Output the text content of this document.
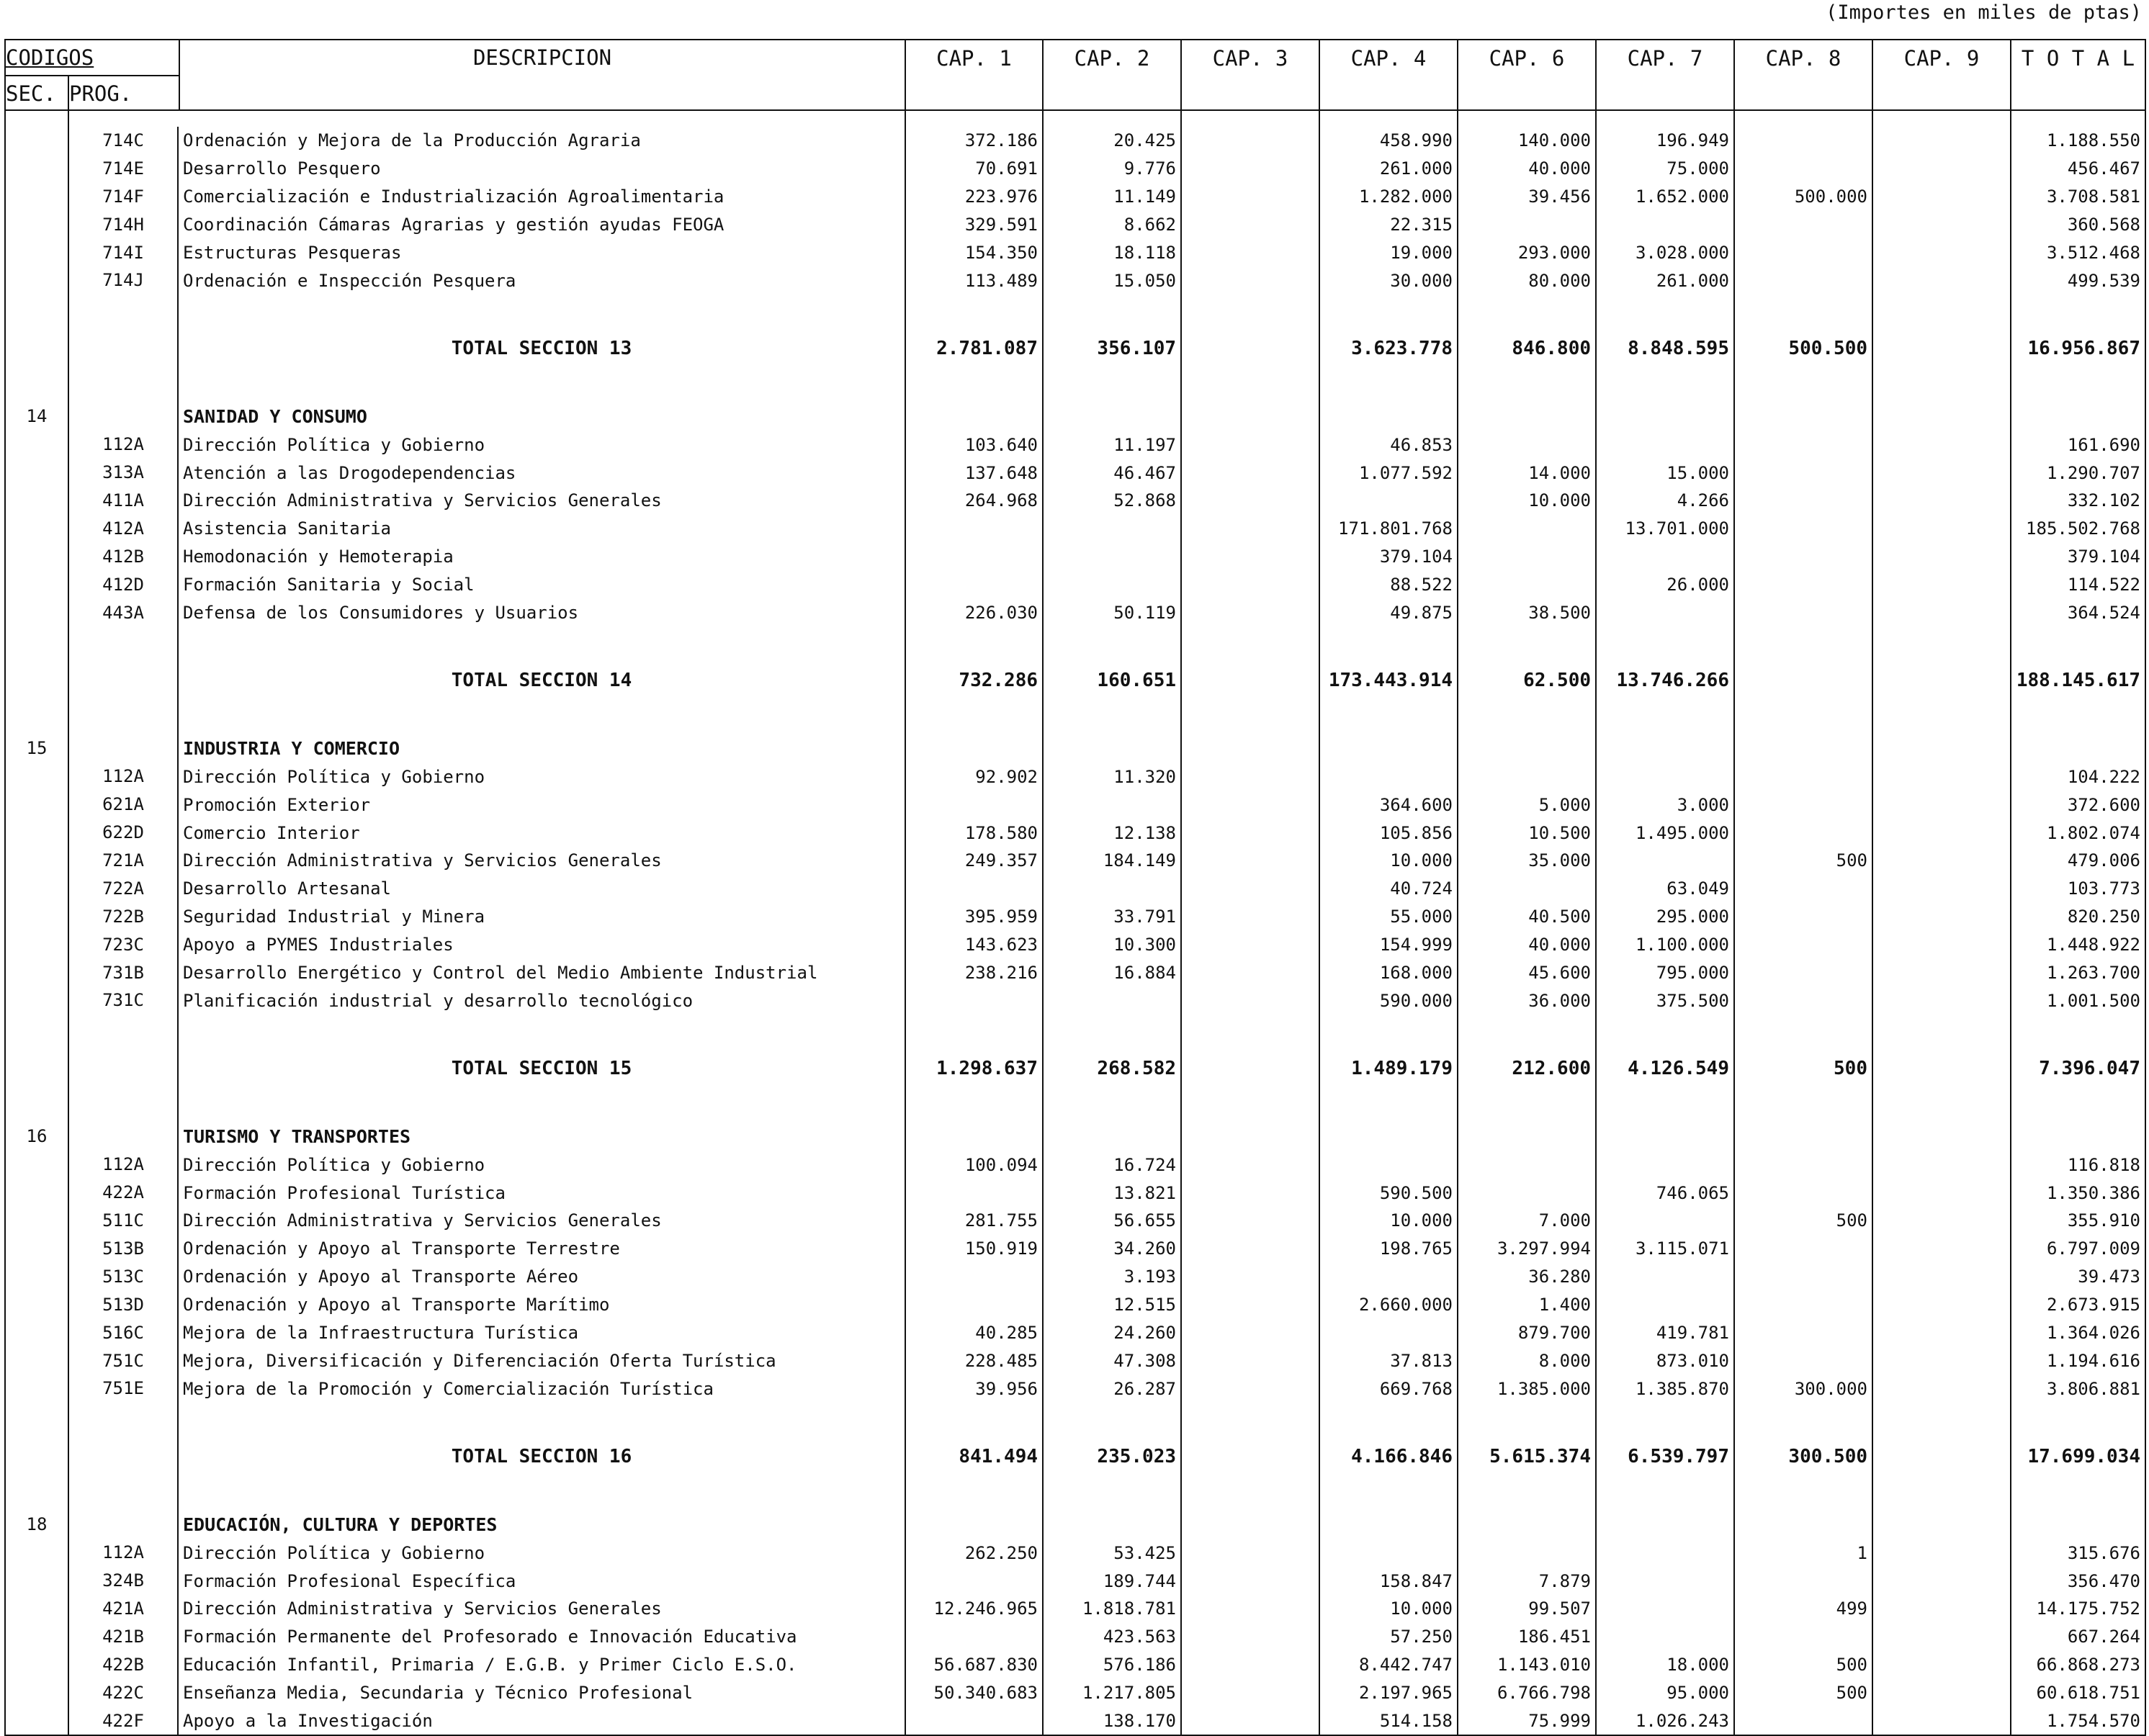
(Importes en miles de ptas)
CODIGOS
SEC. PROG.
DESCRIPCION		CAP. 1	CAP. 2	CAP. 3	CAP. 4	CAP. 6	CAP. 7	CAP. 8	CAP. 9	T O T A L

714C	Ordenación y Mejora de la Producción Agraria	372.186	20.425		458.990	140.000	196.949			1.188.550

714E	Desarrollo Pesquero	70.691	9.776		261.000	40.000	75.000			456.467

714F	Comercialización e Industrialización Agroalimentaria	223.976	11.149		1.282.000	39.456	1.652.000	500.000		3.708.581

714H	Coordinación Cámaras Agrarias y gestión ayudas FEOGA	329.591	8.662		22.315					360.568

714I	Estructuras Pesqueras	154.350	18.118		19.000	293.000	3.028.000			3.512.468

714J	Ordenación e Inspección Pesquera	113.489	15.050		30.000	80.000	261.000			499.539

	TOTAL SECCION 13	2.781.087	356.107		3.623.778	846.800	8.848.595	500.500		16.956.867

14	SANIDAD Y CONSUMO									

112A	Dirección Política y Gobierno	103.640	11.197		46.853					161.690

313A	Atención a las Drogodependencias	137.648	46.467		1.077.592	14.000	15.000			1.290.707

411A	Dirección Administrativa y Servicios Generales	264.968	52.868			10.000	4.266			332.102

412A	Asistencia Sanitaria				171.801.768		13.701.000			185.502.768

412B	Hemodonación y Hemoterapia				379.104					379.104

412D	Formación Sanitaria y Social				88.522		26.000			114.522

443A	Defensa de los Consumidores y Usuarios	226.030	50.119		49.875	38.500				364.524

	TOTAL SECCION 14	732.286	160.651		173.443.914	62.500	13.746.266			188.145.617

15	INDUSTRIA Y COMERCIO									

112A	Dirección Política y Gobierno	92.902	11.320							104.222

621A	Promoción Exterior				364.600	5.000	3.000			372.600

622D	Comercio Interior	178.580	12.138		105.856	10.500	1.495.000			1.802.074

721A	Dirección Administrativa y Servicios Generales	249.357	184.149		10.000	35.000		500		479.006

722A	Desarrollo Artesanal				40.724		63.049			103.773

722B	Seguridad Industrial y Minera	395.959	33.791		55.000	40.500	295.000			820.250

723C	Apoyo a PYMES Industriales	143.623	10.300		154.999	40.000	1.100.000			1.448.922

731B	Desarrollo Energético y Control del Medio Ambiente Industrial	238.216	16.884		168.000	45.600	795.000			1.263.700

731C	Planificación industrial y desarrollo tecnológico				590.000	36.000	375.500			1.001.500

	TOTAL SECCION 15	1.298.637	268.582		1.489.179	212.600	4.126.549	500		7.396.047

16	TURISMO Y TRANSPORTES									

112A	Dirección Política y Gobierno	100.094	16.724							116.818

422A	Formación Profesional Turística		13.821		590.500		746.065			1.350.386

511C	Dirección Administrativa y Servicios Generales	281.755	56.655		10.000	7.000		500		355.910

513B	Ordenación y Apoyo al Transporte Terrestre	150.919	34.260		198.765	3.297.994	3.115.071			6.797.009

513C	Ordenación y Apoyo al Transporte Aéreo		3.193			36.280				39.473

513D	Ordenación y Apoyo al Transporte Marítimo		12.515		2.660.000	1.400				2.673.915

516C	Mejora de la Infraestructura Turística	40.285	24.260			879.700	419.781			1.364.026

751C	Mejora, Diversificación y Diferenciación Oferta Turística	228.485	47.308		37.813	8.000	873.010			1.194.616

751E	Mejora de la Promoción y Comercialización Turística	39.956	26.287		669.768	1.385.000	1.385.870	300.000		3.806.881

	TOTAL SECCION 16	841.494	235.023		4.166.846	5.615.374	6.539.797	300.500		17.699.034

18	EDUCACIÓN, CULTURA Y DEPORTES									

112A	Dirección Política y Gobierno	262.250	53.425					1		315.676

324B	Formación Profesional Específica		189.744		158.847	7.879				356.470

421A	Dirección Administrativa y Servicios Generales	12.246.965	1.818.781		10.000	99.507		499		14.175.752

421B	Formación Permanente del Profesorado e Innovación Educativa		423.563		57.250	186.451				667.264

422B	Educación Infantil, Primaria / E.G.B. y Primer Ciclo E.S.O.	56.687.830	576.186		8.442.747	1.143.010	18.000	500		66.868.273

422C	Enseñanza Media, Secundaria y Técnico Profesional	50.340.683	1.217.805		2.197.965	6.766.798	95.000	500		60.618.751

422F	Apoyo a la Investigación		138.170		514.158	75.999	1.026.243			1.754.570
